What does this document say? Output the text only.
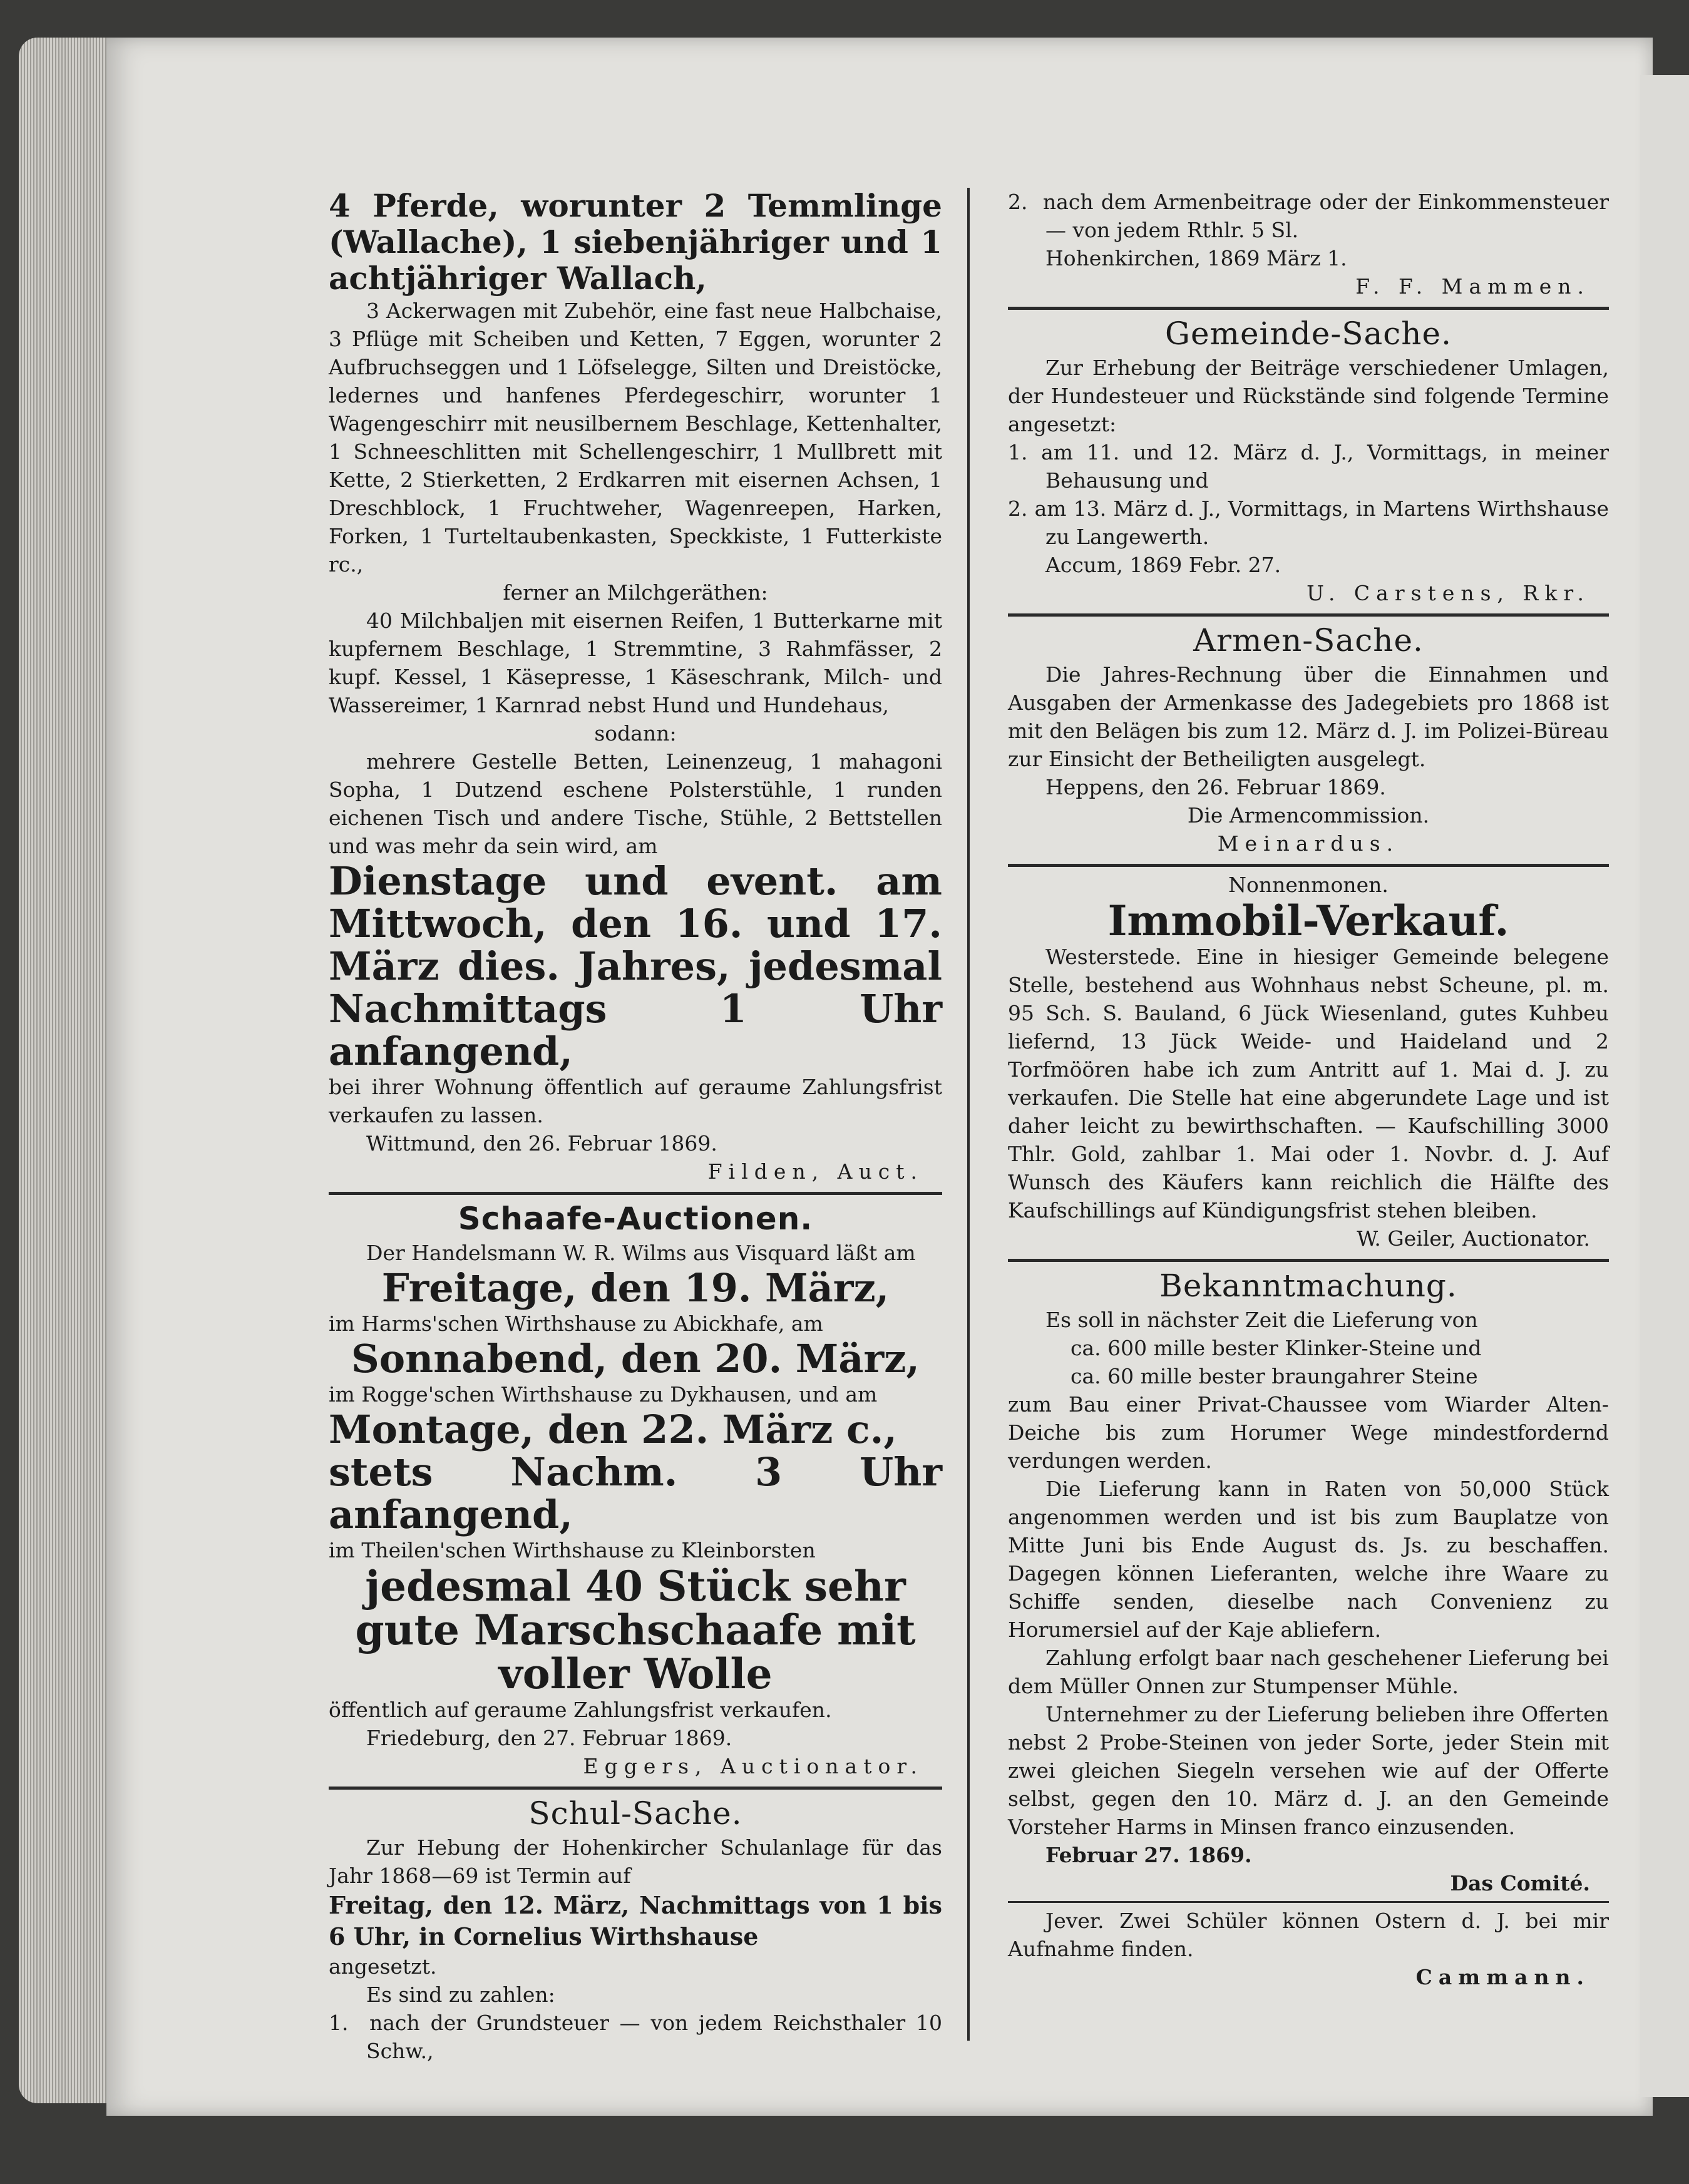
4 Pferde, worunter 2 Temmlinge (Wallache), 1 siebenjähriger und 1 achtjähriger Wallach,

3 Ackerwagen mit Zubehör, eine fast neue Halbchaise, 3 Pflüge mit Scheiben und Ketten, 7 Eggen, worunter 2 Aufbruchseggen und 1 Löfselegge, Silten und Dreistöcke, ledernes und hanfenes Pferdegeschirr, worunter 1 Wagengeschirr mit neusilbernem Beschlage, Kettenhalter, 1 Schneeschlitten mit Schellengeschirr, 1 Mullbrett mit Kette, 2 Stierketten, 2 Erdkarren mit eisernen Achsen, 1 Dreschblock, 1 Fruchtweher, Wagenreepen, Harken, Forken, 1 Turteltaubenkasten, Speckkiste, 1 Futterkiste rc.,

ferner an Milchgeräthen:

40 Milchbaljen mit eisernen Reifen, 1 Butterkarne mit kupfernem Beschlage, 1 Stremmtine, 3 Rahmfässer, 2 kupf. Kessel, 1 Käsepresse, 1 Käseschrank, Milch- und Wassereimer, 1 Karnrad nebst Hund und Hundehaus,

sodann:

mehrere Gestelle Betten, Leinenzeug, 1 mahagoni Sopha, 1 Dutzend eschene Polsterstühle, 1 runden eichenen Tisch und andere Tische, Stühle, 2 Bettstellen und was mehr da sein wird, am

Dienstage und event. am Mittwoch, den 16. und 17. März dies. Jahres, jedesmal Nachmittags 1 Uhr anfangend,

bei ihrer Wohnung öffentlich auf geraume Zahlungsfrist verkaufen zu lassen.

Wittmund, den 26. Februar 1869.

Filden, Auct.

Schaafe-Auctionen.

Der Handelsmann W. R. Wilms aus Visquard läßt am

Freitage, den 19. März,

im Harms'schen Wirthshause zu Abickhafe, am

Sonnabend, den 20. März,

im Rogge'schen Wirthshause zu Dykhausen, und am

Montage, den 22. März c.,

stets Nachm. 3 Uhr anfangend,

im Theilen'schen Wirthshause zu Kleinborsten

jedesmal 40 Stück sehr gute Marschschaafe mit voller Wolle

öffentlich auf geraume Zahlungsfrist verkaufen.

Friedeburg, den 27. Februar 1869.

Eggers, Auctionator.

Schul-Sache.

Zur Hebung der Hohenkircher Schulanlage für das Jahr 1868—69 ist Termin auf

Freitag, den 12. März, Nachmittags von 1 bis 6 Uhr, in Cornelius Wirthshause

angesetzt.

Es sind zu zahlen:

1. nach der Grundsteuer — von jedem Reichsthaler 10 Schw.,

2. nach dem Armenbeitrage oder der Einkommensteuer — von jedem Rthlr. 5 Sl.

Hohenkirchen, 1869 März 1.

F. F. Mammen.

Gemeinde-Sache.

Zur Erhebung der Beiträge verschiedener Umlagen, der Hundesteuer und Rückstände sind folgende Termine angesetzt:

1. am 11. und 12. März d. J., Vormittags, in meiner Behausung und

2. am 13. März d. J., Vormittags, in Martens Wirthshause zu Langewerth.

Accum, 1869 Febr. 27.

U. Carstens, Rkr.

Armen-Sache.

Die Jahres-Rechnung über die Einnahmen und Ausgaben der Armenkasse des Jadegebiets pro 1868 ist mit den Belägen bis zum 12. März d. J. im Polizei-Büreau zur Einsicht der Betheiligten ausgelegt.

Heppens, den 26. Februar 1869.

Die Armencommission.

Meinardus.

Nonnenmonen.

Immobil-Verkauf.

Westerstede. Eine in hiesiger Gemeinde belegene Stelle, bestehend aus Wohnhaus nebst Scheune, pl. m. 95 Sch. S. Bauland, 6 Jück Wiesenland, gutes Kuhbeu liefernd, 13 Jück Weide- und Haideland und 2 Torfmöören habe ich zum Antritt auf 1. Mai d. J. zu verkaufen. Die Stelle hat eine abgerundete Lage und ist daher leicht zu bewirthschaften. — Kaufschilling 3000 Thlr. Gold, zahlbar 1. Mai oder 1. Novbr. d. J. Auf Wunsch des Käufers kann reichlich die Hälfte des Kaufschillings auf Kündigungsfrist stehen bleiben.

W. Geiler, Auctionator.

Bekanntmachung.

Es soll in nächster Zeit die Lieferung von

ca. 600 mille bester Klinker-Steine und

ca. 60 mille bester braungahrer Steine

zum Bau einer Privat-Chaussee vom Wiarder Alten-Deiche bis zum Horumer Wege mindestfordernd verdungen werden.

Die Lieferung kann in Raten von 50,000 Stück angenommen werden und ist bis zum Bauplatze von Mitte Juni bis Ende August ds. Js. zu beschaffen. Dagegen können Lieferanten, welche ihre Waare zu Schiffe senden, dieselbe nach Convenienz zu Horumersiel auf der Kaje abliefern.

Zahlung erfolgt baar nach geschehener Lieferung bei dem Müller Onnen zur Stumpenser Mühle.

Unternehmer zu der Lieferung belieben ihre Offerten nebst 2 Probe-Steinen von jeder Sorte, jeder Stein mit zwei gleichen Siegeln versehen wie auf der Offerte selbst, gegen den 10. März d. J. an den Gemeinde Vorsteher Harms in Minsen franco einzusenden.

Februar 27. 1869.

Das Comité.

Jever. Zwei Schüler können Ostern d. J. bei mir Aufnahme finden.

Cammann.
